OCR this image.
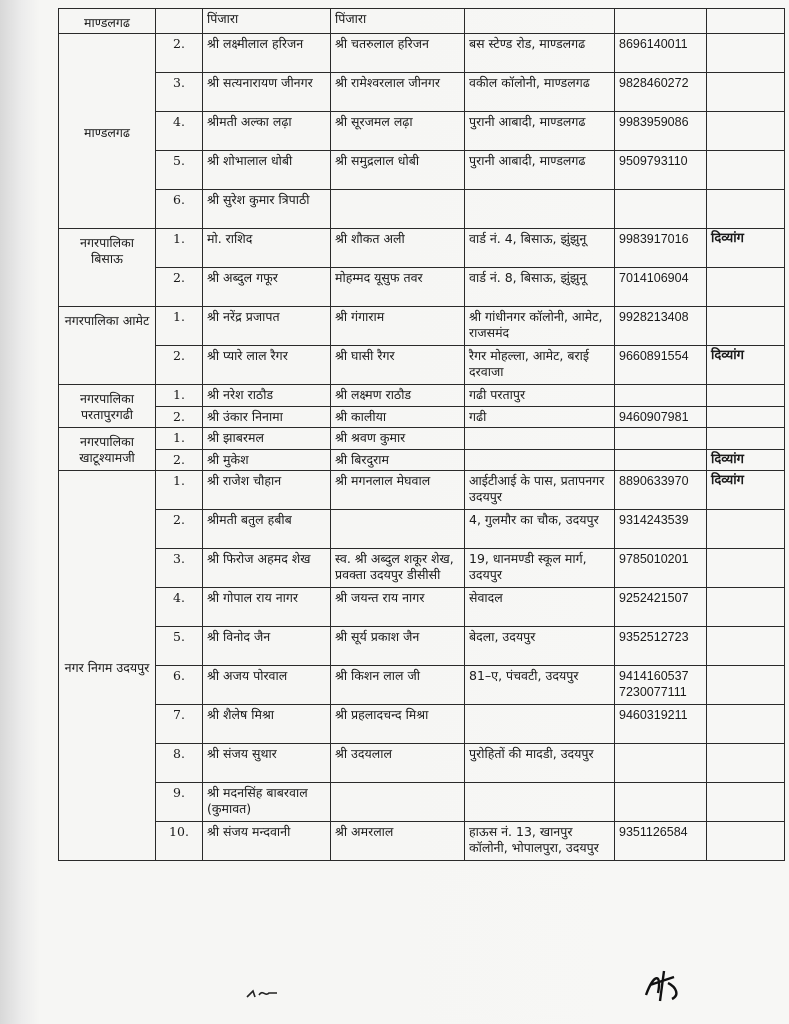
माण्डलगढ		पिंजारा	पिंजारा			
माण्डलगढ	2.	श्री लक्ष्मीलाल हरिजन	श्री चतरुलाल हरिजन	बस स्टेण्ड रोड, माण्डलगढ	8696140011	
	3.	श्री सत्यनारायण जीनगर	श्री रामेश्वरलाल जीनगर	वकील कॉलोनी, माण्डलगढ	9828460272	
	4.	श्रीमती अल्का लढ़ा	श्री सूरजमल लढ़ा	पुरानी आबादी, माण्डलगढ	9983959086	
	5.	श्री शोभालाल धोबी	श्री समुद्रलाल धोबी	पुरानी आबादी, माण्डलगढ	9509793110	
	6.	श्री सुरेश कुमार त्रिपाठी				
नगरपालिका बिसाऊ	1.	मो. राशिद	श्री शौकत अली	वार्ड नं. 4, बिसाऊ, झुंझुनू	9983917016	दिव्यांग
	2.	श्री अब्दुल गफूर	मोहम्मद यूसुफ तवर	वार्ड नं. 8, बिसाऊ, झुंझुनू	7014106904	
नगरपालिका आमेट	1.	श्री नरेंद्र प्रजापत	श्री गंगाराम	श्री गांधीनगर कॉलोनी, आमेट, राजसमंद	9928213408	
	2.	श्री प्यारे लाल रैगर	श्री घासी रैगर	रैगर मोहल्ला, आमेट, बराई दरवाजा	9660891554	दिव्यांग
नगरपालिका परतापुरगढी	1.	श्री नरेश राठौड	श्री लक्ष्मण राठौड	गढी परतापुर		
	2.	श्री उंकार निनामा	श्री कालीया	गढी	9460907981	
नगरपालिका खाटूश्यामजी	1.	श्री झाबरमल	श्री श्रवण कुमार			
	2.	श्री मुकेश	श्री बिरदुराम			दिव्यांग
नगर निगम उदयपुर	1.	श्री राजेश चौहान	श्री मगनलाल मेघवाल	आईटीआई के पास, प्रतापनगर उदयपुर	8890633970	दिव्यांग
	2.	श्रीमती बतुल हबीब		4, गुलमौर का चौक, उदयपुर	9314243539	
	3.	श्री फिरोज अहमद शेख	स्व. श्री अब्दुल शकूर शेख, प्रवक्ता उदयपुर डीसीसी	19, धानमण्डी स्कूल मार्ग, उदयपुर	9785010201	
	4.	श्री गोपाल राय नागर	श्री जयन्त राय नागर	सेवादल	9252421507	
	5.	श्री विनोद जैन	श्री सूर्य प्रकाश जैन	बेदला, उदयपुर	9352512723	
	6.	श्री अजय पोरवाल	श्री किशन लाल जी	81–ए, पंचवटी, उदयपुर	9414160537 7230077111	
	7.	श्री शैलेष मिश्रा	श्री प्रहलादचन्द मिश्रा		9460319211	
	8.	श्री संजय सुथार	श्री उदयलाल	पुरोहितों की मादडी, उदयपुर		
	9.	श्री मदनसिंह बाबरवाल (कुमावत)				
	10.	श्री संजय मन्दवानी	श्री अमरलाल	हाऊस नं. 13, खानपुर कॉलोनी, भोपालपुरा, उदयपुर	9351126584	
